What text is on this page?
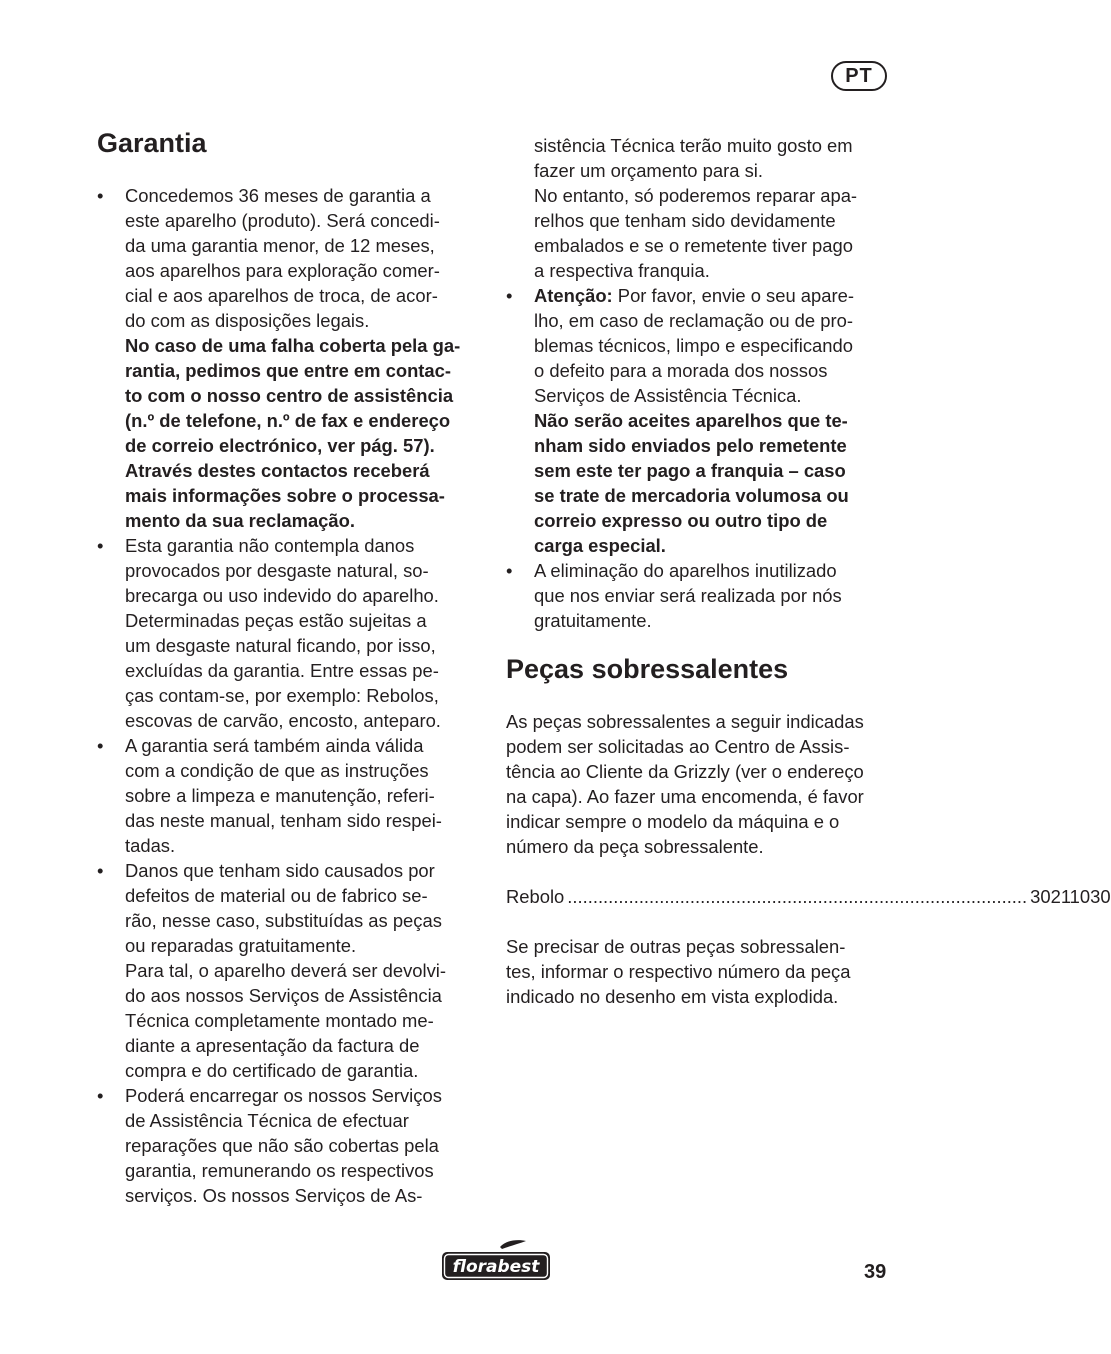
PT
Garantia
•	Concedemos 36 meses de garantia a
este aparelho (produto). Será concedi-
da uma garantia menor, de 12 meses,
aos aparelhos para exploração comer-
cial e aos aparelhos de troca, de acor-
do com as disposições legais.
No caso de uma falha coberta pela ga-
rantia, pedimos que entre em contac-
to com o nosso centro de assistência
(n.º de telefone, n.º de fax e endereço
de correio electrónico, ver pág. 57).
Através destes contactos receberá
mais informações sobre o processa-
mento da sua reclamação.
•	Esta garantia não contempla danos
provocados por desgaste natural, so-
brecarga ou uso indevido do aparelho.
Determinadas peças estão sujeitas a
um desgaste natural ficando, por isso,
excluídas da garantia. Entre essas pe-
ças contam-se, por exemplo: Rebolos,
escovas de carvão, encosto, anteparo.
•	A garantia será também ainda válida
com a condição de que as instruções
sobre a limpeza e manutenção, referi-
das neste manual, tenham sido respei-
tadas.
•	Danos que tenham sido causados por
defeitos de material ou de fabrico se-
rão, nesse caso, substituídas as peças
ou reparadas gratuitamente.
Para tal, o aparelho deverá ser devolvi-
do aos nossos Serviços de Assistência
Técnica completamente montado me-
diante a apresentação da factura de
compra e do certificado de garantia.
•	Poderá encarregar os nossos Serviços
de Assistência Técnica de efectuar
reparações que não são cobertas pela
garantia, remunerando os respectivos
serviços. Os nossos Serviços de As-
sistência Técnica terão muito gosto em
fazer um orçamento para si.
No entanto, só poderemos reparar apa-
relhos que tenham sido devidamente
embalados e se o remetente tiver pago
a respectiva franquia.
•	Atenção: Por favor, envie o seu apare-
lho, em caso de reclamação ou de pro-
blemas técnicos, limpo e especificando
o defeito para a morada dos nossos
Serviços de Assistência Técnica.
Não serão aceites aparelhos que te-
nham sido enviados pelo remetente
sem este ter pago a franquia – caso
se trate de mercadoria volumosa ou
correio expresso ou outro tipo de
carga especial.
•	A eliminação do aparelhos inutilizado
que nos enviar será realizada por nós
gratuitamente.
Peças sobressalentes
As peças sobressalentes a seguir indicadas
podem ser solicitadas ao Centro de Assis-
tência ao Cliente da Grizzly (ver o endereço
na capa). Ao fazer uma encomenda, é favor
indicar sempre o modelo da máquina e o
número da peça sobressalente.
Rebolo .......................................................................................... 30211030
Se precisar de outras peças sobressalen-
tes, informar o respectivo número da peça
indicado no desenho em vista explodida.
florabest	39
